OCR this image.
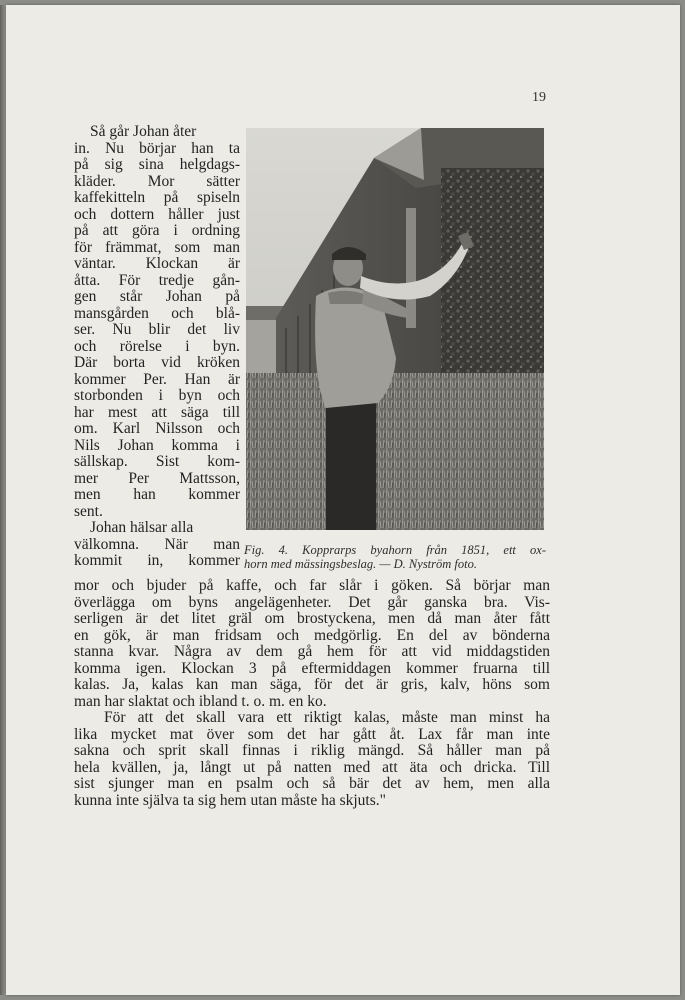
19
Så går Johan åter
in. Nu börjar han ta
på sig sina helgdags-
kläder. Mor sätter
kaffekitteln på spiseln
och dottern håller just
på att göra i ordning
för främmat, som man
väntar. Klockan är
åtta. För tredje gån-
gen står Johan på
mansgården och blå-
ser. Nu blir det liv
och rörelse i byn.
Där borta vid kröken
kommer Per. Han är
storbonden i byn och
har mest att säga till
om. Karl Nilsson och
Nils Johan komma i
sällskap. Sist kom-
mer Per Mattsson,
men han kommer
sent.
Johan hälsar alla
välkomna. När man
kommit in, kommer
Fig. 4. Kopprarps byahorn från 1851, ett ox-
horn med mässingsbeslag. — D. Nyström foto.
mor och bjuder på kaffe, och far slår i göken. Så börjar man
överlägga om byns angelägenheter. Det går ganska bra. Vis-
serligen är det litet gräl om brostyckena, men då man åter fått
en gök, är man fridsam och medgörlig. En del av bönderna
stanna kvar. Några av dem gå hem för att vid middagstiden
komma igen. Klockan 3 på eftermiddagen kommer fruarna till
kalas. Ja, kalas kan man säga, för det är gris, kalv, höns som
man har slaktat och ibland t. o. m. en ko.
För att det skall vara ett riktigt kalas, måste man minst ha
lika mycket mat över som det har gått åt. Lax får man inte
sakna och sprit skall finnas i riklig mängd. Så håller man på
hela kvällen, ja, långt ut på natten med att äta och dricka. Till
sist sjunger man en psalm och så bär det av hem, men alla
kunna inte själva ta sig hem utan måste ha skjuts."
